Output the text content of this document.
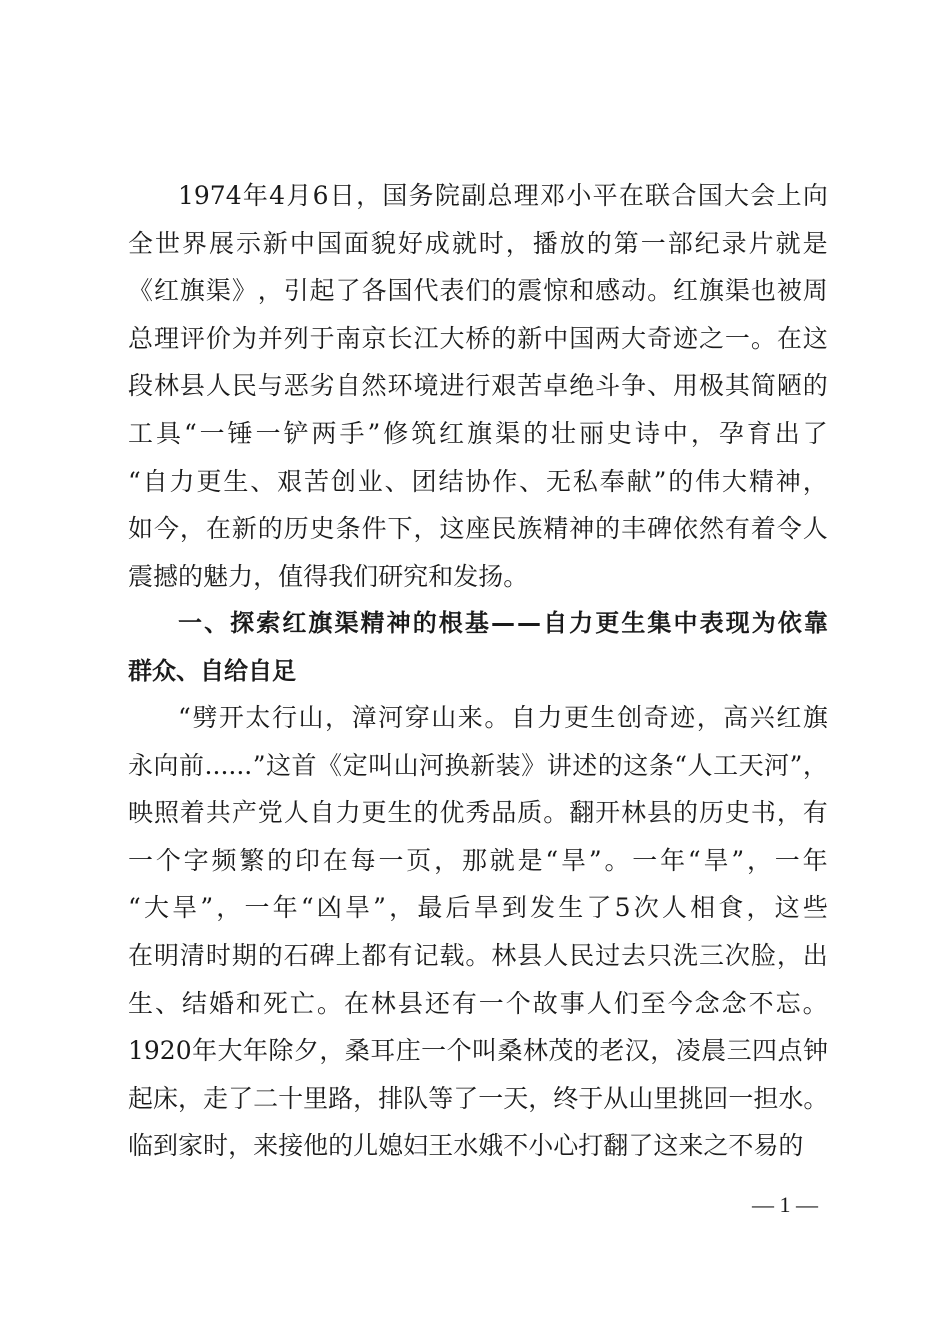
1974 年 4 月 6 日 ， 国 务 院 副 总 理 邓 小 平 在 联 合 国 大 会 上 向
全 世 界 展 示 新 中 国 面 貌 好 成 就 时 ， 播 放 的 第 一 部 纪 录 片 就 是
《 红 旗 渠 》 ， 引 起 了 各 国 代 表 们 的 震 惊 和 感 动 。 红 旗 渠 也 被 周
总 理 评 价 为 并 列 于 南 京 长 江 大 桥 的 新 中 国 两 大 奇 迹 之 一 。 在 这
段 林 县 人 民 与 恶 劣 自 然 环 境 进 行 艰 苦 卓 绝 斗 争 、 用 极 其 简 陋 的
工 具 “ 一 锤 一 铲 两 手 ” 修 筑 红 旗 渠 的 壮 丽 史 诗 中 ， 孕 育 出 了
“ 自 力 更 生 、 艰 苦 创 业 、 团 结 协 作 、 无 私 奉 献 ” 的 伟 大 精 神 ，
如 今 ， 在 新 的 历 史 条 件 下 ， 这 座 民 族 精 神 的 丰 碑 依 然 有 着 令 人
震 撼 的 魅 力 ， 值 得 我 们 研 究 和 发 扬 。
一 、 探 索 红 旗 渠 精 神 的 根 基 — — 自 力 更 生 集 中 表 现 为 依 靠
群 众 、 自 给 自 足
“ 劈 开 太 行 山 ， 漳 河 穿 山 来 。 自 力 更 生 创 奇 迹 ， 高 兴 红 旗
永 向 前 ...... ” 这 首 《 定 叫 山 河 换 新 装 》 讲 述 的 这 条 “ 人 工 天 河 ” ，
映 照 着 共 产 党 人 自 力 更 生 的 优 秀 品 质 。 翻 开 林 县 的 历 史 书 ， 有
一 个 字 频 繁 的 印 在 每 一 页 ， 那 就 是 “ 旱 ” 。 一 年 “ 旱 ” ， 一 年
“ 大 旱 ” ， 一 年 “ 凶 旱 ” ， 最 后 旱 到 发 生 了 5 次 人 相 食 ， 这 些
在 明 清 时 期 的 石 碑 上 都 有 记 载 。 林 县 人 民 过 去 只 洗 三 次 脸 ， 出
生 、 结 婚 和 死 亡 。 在 林 县 还 有 一 个 故 事 人 们 至 今 念 念 不 忘 。
1920 年 大 年 除 夕 ， 桑 耳 庄 一 个 叫 桑 林 茂 的 老 汉 ， 凌 晨 三 四 点 钟
起 床 ， 走 了 二 十 里 路 ， 排 队 等 了 一 天 ， 终 于 从 山 里 挑 回 一 担 水 。
临 到 家 时 ， 来 接 他 的 儿 媳 妇 王 水 娥 不 小 心 打 翻 了 这 来 之 不 易 的
— 1 —
